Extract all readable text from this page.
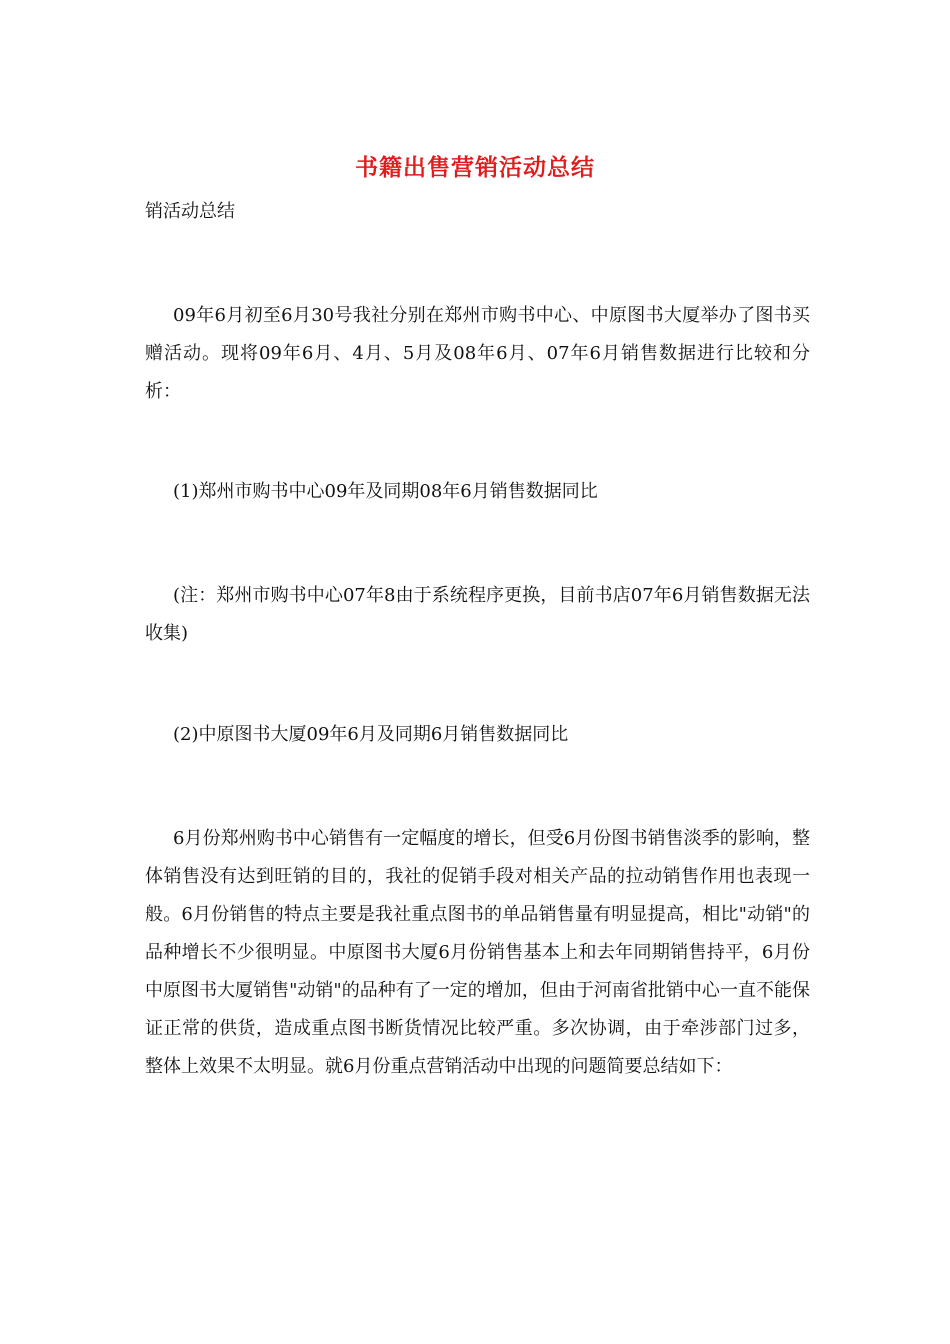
书籍出售营销活动总结

销活动总结

09年6月初至6月30号我社分别在郑州市购书中心、中原图书大厦举办了图书买赠活动。现将09年6月、4月、5月及08年6月、07年6月销售数据进行比较和分析：

(1)郑州市购书中心09年及同期08年6月销售数据同比

(注：郑州市购书中心07年8由于系统程序更换，目前书店07年6月销售数据无法收集)

(2)中原图书大厦09年6月及同期6月销售数据同比

6月份郑州购书中心销售有一定幅度的增长，但受6月份图书销售淡季的影响，整体销售没有达到旺销的目的，我社的促销手段对相关产品的拉动销售作用也表现一般。6月份销售的特点主要是我社重点图书的单品销售量有明显提高，相比"动销"的品种增长不少很明显。中原图书大厦6月份销售基本上和去年同期销售持平，6月份中原图书大厦销售"动销"的品种有了一定的增加，但由于河南省批销中心一直不能保证正常的供货，造成重点图书断货情况比较严重。多次协调，由于牵涉部门过多，整体上效果不太明显。就6月份重点营销活动中出现的问题简要总结如下：
